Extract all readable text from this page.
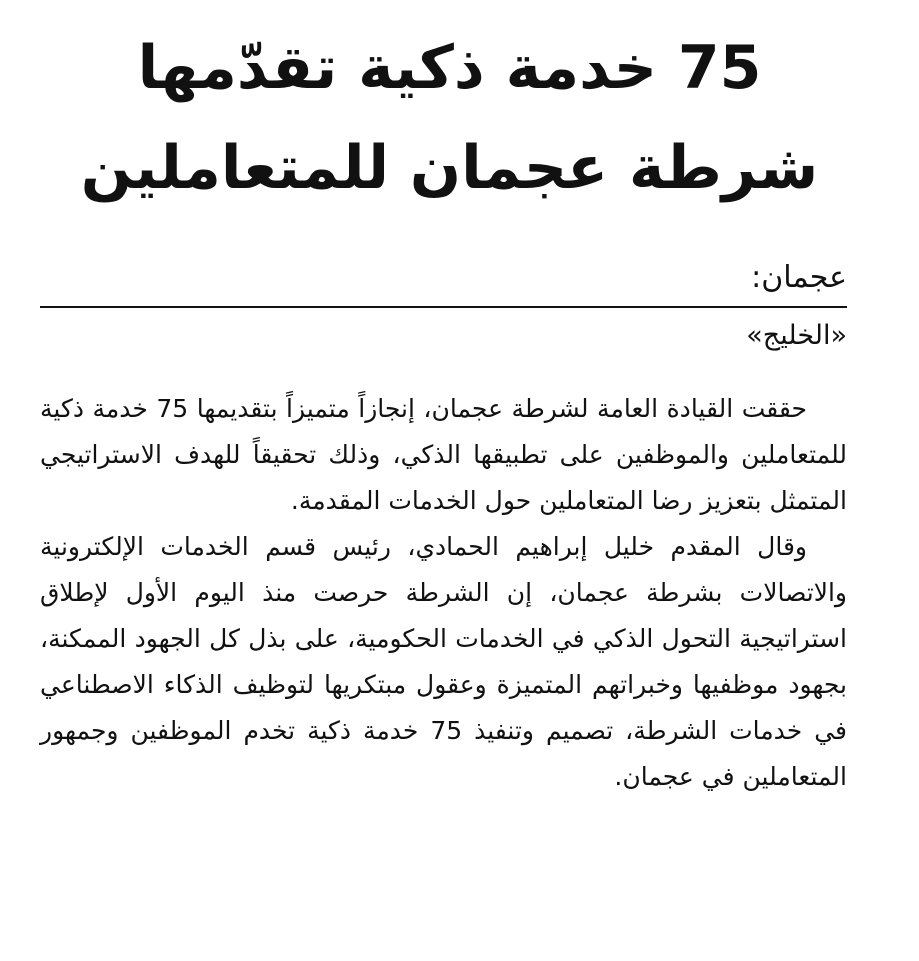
75 خدمة ذكية تقدّمها
شرطة عجمان للمتعاملين
عجمان:
«الخليج»

حققت القيادة العامة لشرطة عجمان، إنجازاً متميزاً بتقديمها 75 خدمة ذكية للمتعاملين والموظفين على تطبيقها الذكي، وذلك تحقيقاً للهدف الاستراتيجي المتمثل بتعزيز رضا المتعاملين حول الخدمات المقدمة.

وقال المقدم خليل إبراهيم الحمادي، رئيس قسم الخدمات الإلكترونية والاتصالات بشرطة عجمان، إن الشرطة حرصت منذ اليوم الأول لإطلاق استراتيجية التحول الذكي في الخدمات الحكومية، على بذل كل الجهود الممكنة، بجهود موظفيها وخبراتهم المتميزة وعقول مبتكريها لتوظيف الذكاء الاصطناعي في خدمات الشرطة، تصميم وتنفيذ 75 خدمة ذكية تخدم الموظفين وجمهور المتعاملين في عجمان.
